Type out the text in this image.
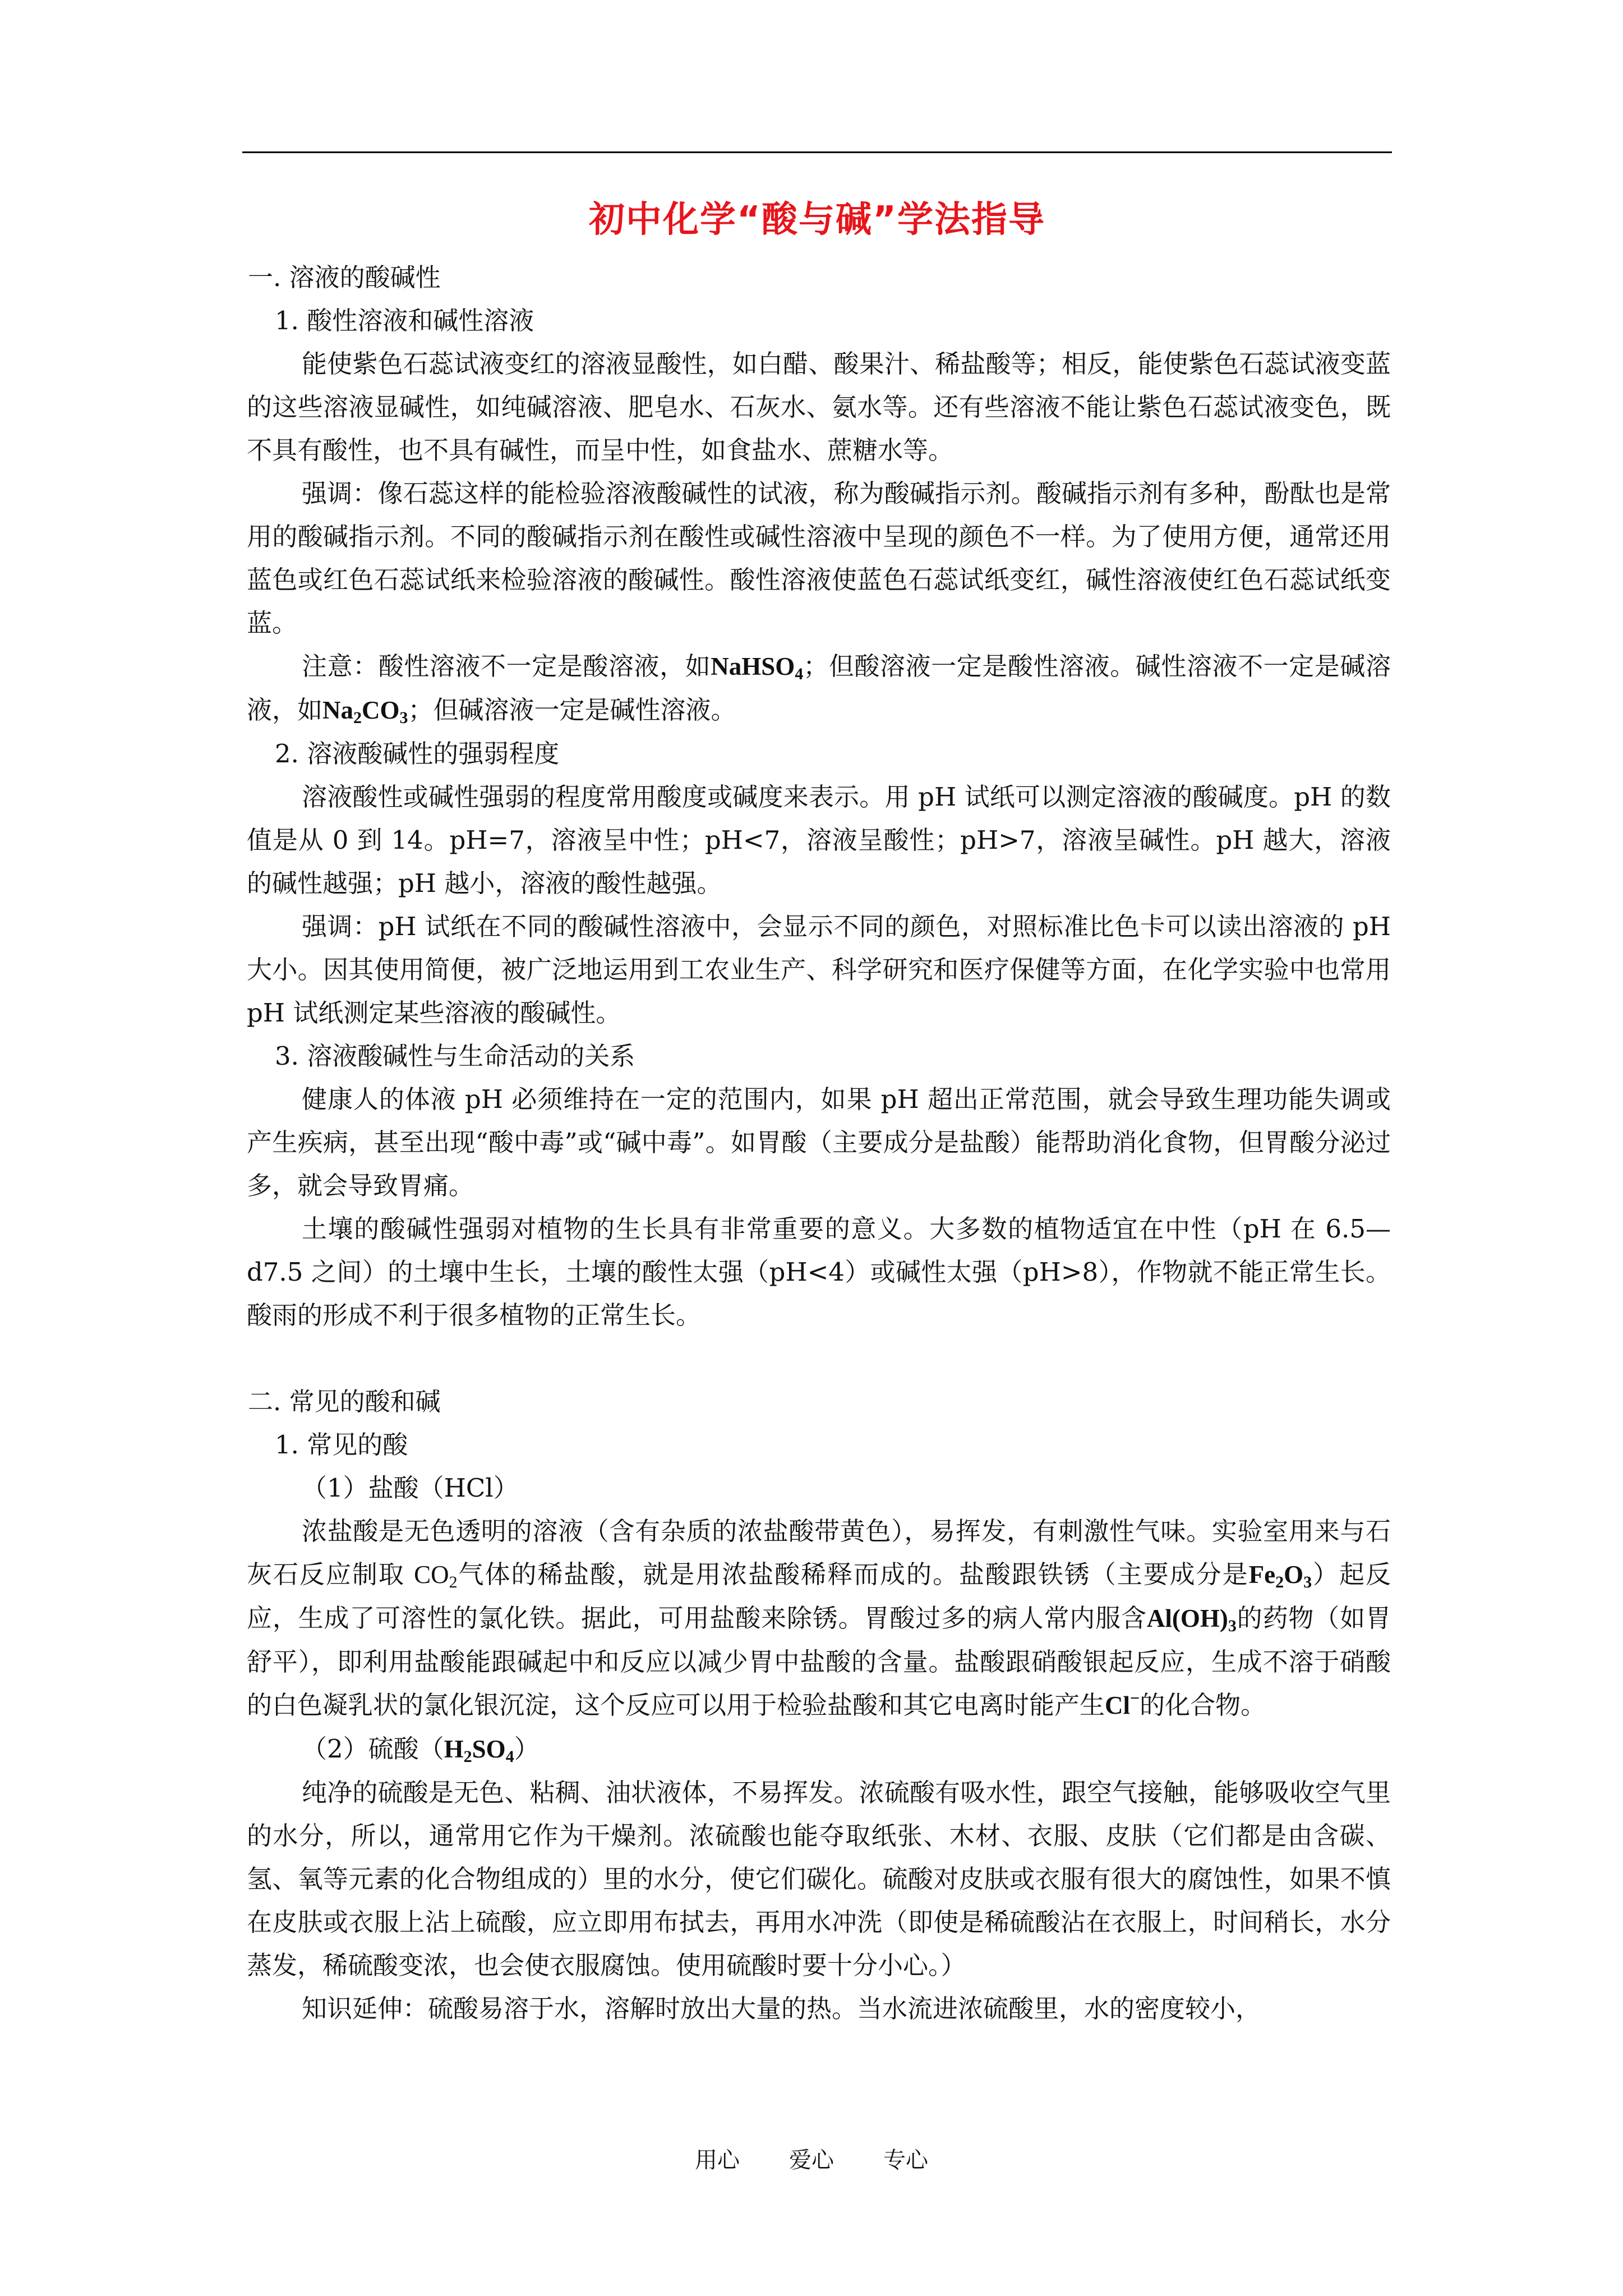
初中化学“酸与碱”学法指导

一. 溶液的酸碱性

1. 酸性溶液和碱性溶液

能使紫色石蕊试液变红的溶液显酸性，如白醋、酸果汁、稀盐酸等；相反，能使紫色石蕊试液变蓝的这些溶液显碱性，如纯碱溶液、肥皂水、石灰水、氨水等。还有些溶液不能让紫色石蕊试液变色，既不具有酸性，也不具有碱性，而呈中性，如食盐水、蔗糖水等。

强调：像石蕊这样的能检验溶液酸碱性的试液，称为酸碱指示剂。酸碱指示剂有多种，酚酞也是常用的酸碱指示剂。不同的酸碱指示剂在酸性或碱性溶液中呈现的颜色不一样。为了使用方便，通常还用蓝色或红色石蕊试纸来检验溶液的酸碱性。酸性溶液使蓝色石蕊试纸变红，碱性溶液使红色石蕊试纸变蓝。

注意：酸性溶液不一定是酸溶液，如NaHSO$_4$；但酸溶液一定是酸性溶液。碱性溶液不一定是碱溶液，如$Na_2CO_3$；但碱溶液一定是碱性溶液。

2. 溶液酸碱性的强弱程度

溶液酸性或碱性强弱的程度常用酸度或碱度来表示。用 pH 试纸可以测定溶液的酸碱度。pH 的数值是从 0 到 14。pH=7，溶液呈中性；pH<7，溶液呈酸性；pH>7，溶液呈碱性。pH 越大，溶液的碱性越强；pH 越小，溶液的酸性越强。

强调：pH 试纸在不同的酸碱性溶液中，会显示不同的颜色，对照标准比色卡可以读出溶液的 pH 大小。因其使用简便，被广泛地运用到工农业生产、科学研究和医疗保健等方面，在化学实验中也常用 pH 试纸测定某些溶液的酸碱性。

3. 溶液酸碱性与生命活动的关系

健康人的体液 pH 必须维持在一定的范围内，如果 pH 超出正常范围，就会导致生理功能失调或产生疾病，甚至出现“酸中毒”或“碱中毒”。如胃酸（主要成分是盐酸）能帮助消化食物，但胃酸分泌过多，就会导致胃痛。

土壤的酸碱性强弱对植物的生长具有非常重要的意义。大多数的植物适宜在中性（pH 在 6.5—d7.5 之间）的土壤中生长，土壤的酸性太强（pH<4）或碱性太强（pH>8），作物就不能正常生长。酸雨的形成不利于很多植物的正常生长。

二. 常见的酸和碱

1. 常见的酸

（1）盐酸（HCl）

浓盐酸是无色透明的溶液（含有杂质的浓盐酸带黄色），易挥发，有刺激性气味。实验室用来与石灰石反应制取 $CO_2$气体的稀盐酸，就是用浓盐酸稀释而成的。盐酸跟铁锈（主要成分是$Fe_2O_3$）起反应，生成了可溶性的氯化铁。据此，可用盐酸来除锈。胃酸过多的病人常内服含$Al(OH)_3$的药物（如胃舒平），即利用盐酸能跟碱起中和反应以减少胃中盐酸的含量。盐酸跟硝酸银起反应，生成不溶于硝酸的白色凝乳状的氯化银沉淀，这个反应可以用于检验盐酸和其它电离时能产生Cl−的化合物。

（2）硫酸$(H_2SO_4)$

纯净的硫酸是无色、粘稠、油状液体，不易挥发。浓硫酸有吸水性，跟空气接触，能够吸收空气里的水分，所以，通常用它作为干燥剂。浓硫酸也能夺取纸张、木材、衣服、皮肤（它们都是由含碳、氢、氧等元素的化合物组成的）里的水分，使它们碳化。硫酸对皮肤或衣服有很大的腐蚀性，如果不慎在皮肤或衣服上沾上硫酸，应立即用布拭去，再用水冲洗（即使是稀硫酸沾在衣服上，时间稍长，水分蒸发，稀硫酸变浓，也会使衣服腐蚀。使用硫酸时要十分小心。）

知识延伸：硫酸易溶于水，溶解时放出大量的热。当水流进浓硫酸里，水的密度较小，

用心 爱心 专心
